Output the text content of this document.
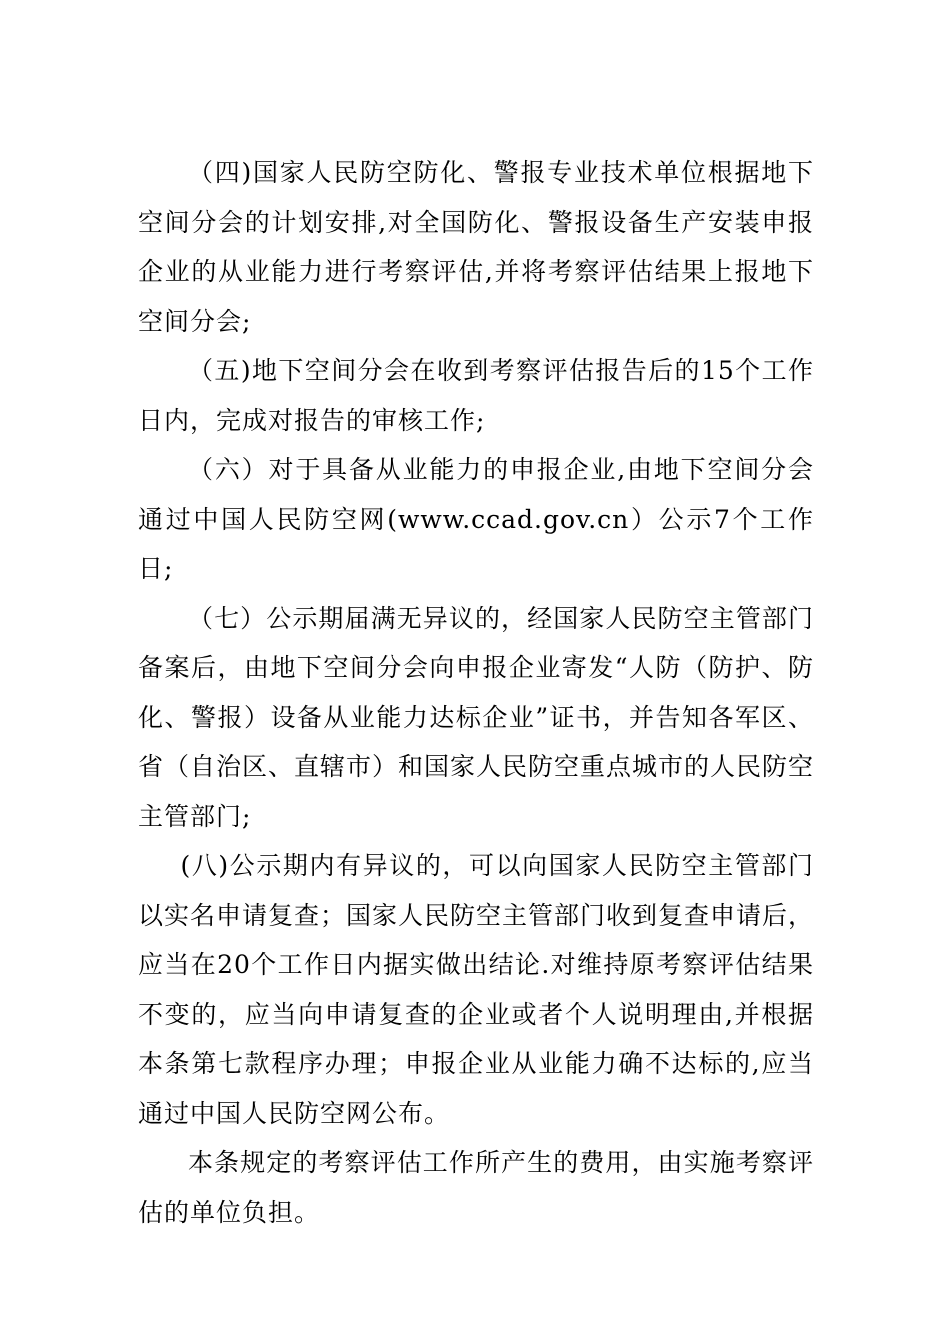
（四)国家人民防空防化、警报专业技术单位根据地下空间分会的计划安排,对全国防化、警报设备生产安装申报企业的从业能力进行考察评估,并将考察评估结果上报地下空间分会;

（五)地下空间分会在收到考察评估报告后的15个工作日内，完成对报告的审核工作;

（六）对于具备从业能力的申报企业,由地下空间分会通过中国人民防空网(www.ccad.gov.cn）公示7个工作日;

（七）公示期届满无异议的，经国家人民防空主管部门备案后，由地下空间分会向申报企业寄发“人防（防护、防化、警报）设备从业能力达标企业”证书，并告知各军区、省（自治区、直辖市）和国家人民防空重点城市的人民防空主管部门;

(八)公示期内有异议的，可以向国家人民防空主管部门以实名申请复查；国家人民防空主管部门收到复查申请后，应当在20个工作日内据实做出结论.对维持原考察评估结果不变的，应当向申请复查的企业或者个人说明理由,并根据本条第七款程序办理；申报企业从业能力确不达标的,应当通过中国人民防空网公布。

本条规定的考察评估工作所产生的费用，由实施考察评估的单位负担。
